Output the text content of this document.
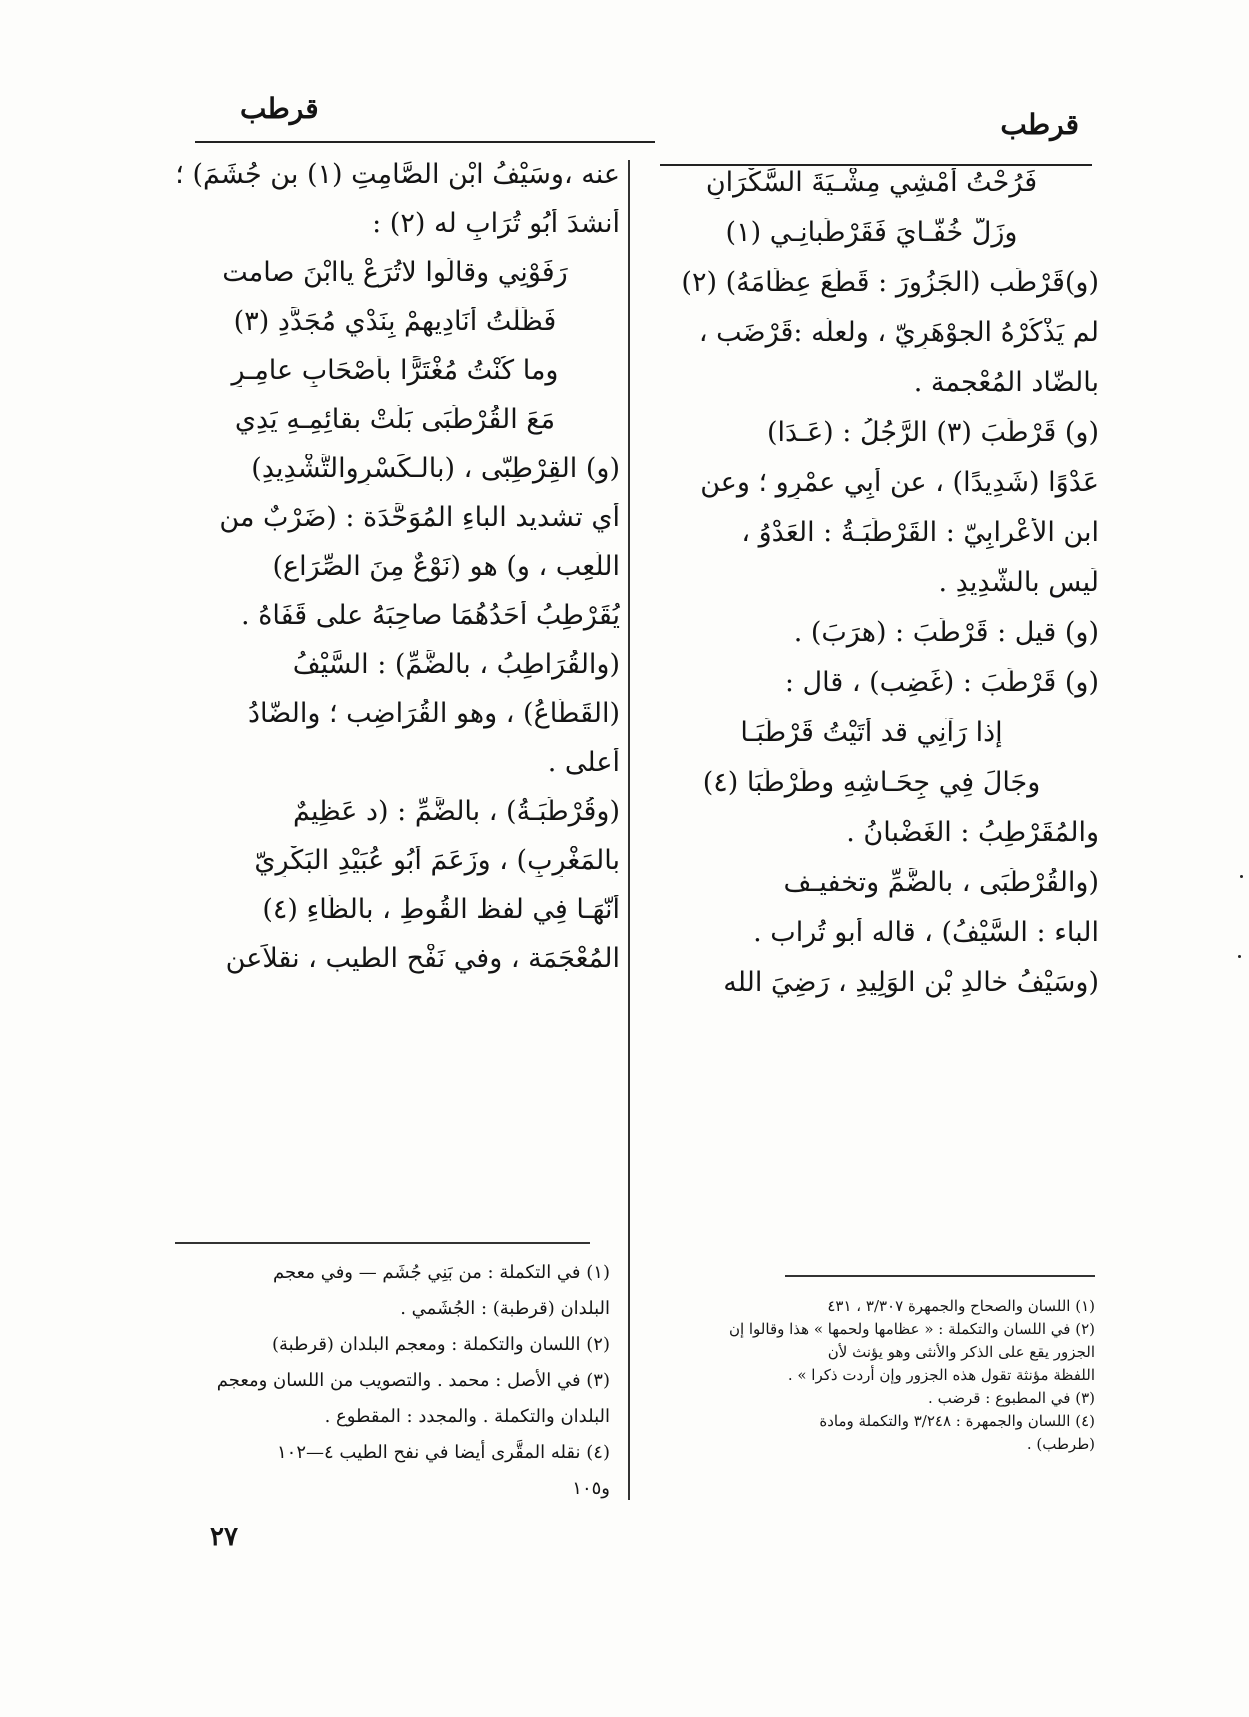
قرطب
قرطب
فَرُحْتُ أَمْشِي مِشْـيَةَ السَّكْرَانِ
وزَلَّ خُفَّـايَ فَقَرْطَبانِـي (١)
(و)قَرْطَب (الجَزُورَ : قَطَّعَ عِظَامَهُ) (٢)
لم يَذْكُرْهُ الجوْهَرِيّ ، ولعلّه :قَرْضَب ،
بالضّاد المُعْجمة .
(و) قَرْطَبَ (٣) الرَّجُلُ : (عَـدَا)
عَدْوًا (شَدِيدًا) ، عن أَبِي عمْرٍو ؛ وعن
ابنِ الأَعْرابِيّ : القَرْطَبَـةُ : العَدْوُ ،
لَيس بالشَّدِيدِ .
(و) قيل : قَرْطَبَ : (هرَبَ) .
(و) قَرْطَبَ : (غَضِب) ، قال :
إذا رَآنِي قد أَتَيْتُ قَرْطَبَـا
وجَالَ فِي جِحَـاشِهِ وطَرْطَبَا (٤)
والمُقَرْطِبُ : الغَضْبانُ .
(والقُرْطُبَى ، بالضَّمِّ وتخفيـف
الباء : السَّيْفُ) ، قاله أَبو تُراب .
(وسَيْفُ خالدِ بْنِ الوَلِيدِ ، رَضِيَ الله
عنه ،وسَيْفُ ابْنِ الصَّامِتِ (١) بنِ جُشَمَ) ؛
أَنشدَ أَبُو تُرَابٍ له (٢) :
رَفَوْنِي وقالُوا لاتُرَعْ ياابْنَ صامت
فَظَلْتُ أُنَادِيهِمْ بِنَدْيٍ مُجَدَّدِ (٣)
وما كُنْتُ مُغْتَرًّا بأَصْحَابِ عامِـرٍ
مَعَ القُرْطُبَى بَلَّتْ بقائِمِـهِ يَدِي
(و) القِرْطِبّى ، (بالـكَسْرِوالتَّشْدِيدِ)
أَي تشديد الباءِ المُوَحَّدَة : (ضَرْبٌ من
اللَّعِب ، و) هو (نَوْعٌ مِنَ الصِّرَاعِ)
يُقَرْطِبُ أَحَدُهُمَا صاحِبَهُ على قَفَاهُ .
(والقُرَاطِبُ ، بالضَّمِّ) : السَّيْفُ
(القَطَّاعُ) ، وهو القُرَاضِب ؛ والضّادُ
أَعلى .
(وقُرْطُبَـةُ) ، بالضَّمِّ : (د عَظِيمٌ
بالمَغْرِبِ) ، وزَعَمَ أَبُو عُبَيْدِ البَكْرِيّ
أَنّهَـا فِي لفظ القُوطِ ، بالظَّاءِ (٤)
المُعْجَمَة ، وفي نَفْحِ الطيب ، نقلاًعن
(١) في التكملة : من بَنِي جُشَم — وفي معجم
البلدان (قرطبة) : الجُشَمي .
(٢) اللسان والتكملة : ومعجم البلدان (قرطبة)
(٣) في الأصل : محمد . والتصويب من اللسان ومعجم
البلدان والتكملة . والمجدد : المقطوع .
(٤) نقله المقَّرى أيضا في نفح الطيب ٤—١٠٢
و١٠٥
(١) اللسان والصحاح والجمهرة ٣/٣٠٧ ، ٤٣١
(٢) في اللسان والتكملة : « عظامها ولحمها » هذا وقالوا إن
الجزور يقع على الذكر والأنثى وهو يؤنث لأن
اللفظة مؤنثة تقول هذه الجزور وإن أردت ذكرا » .
(٣) في المطبوع : قرضب .
(٤) اللسان والجمهرة : ٣/٢٤٨ والتكملة ومادة
(طرطب) .
٢٧
